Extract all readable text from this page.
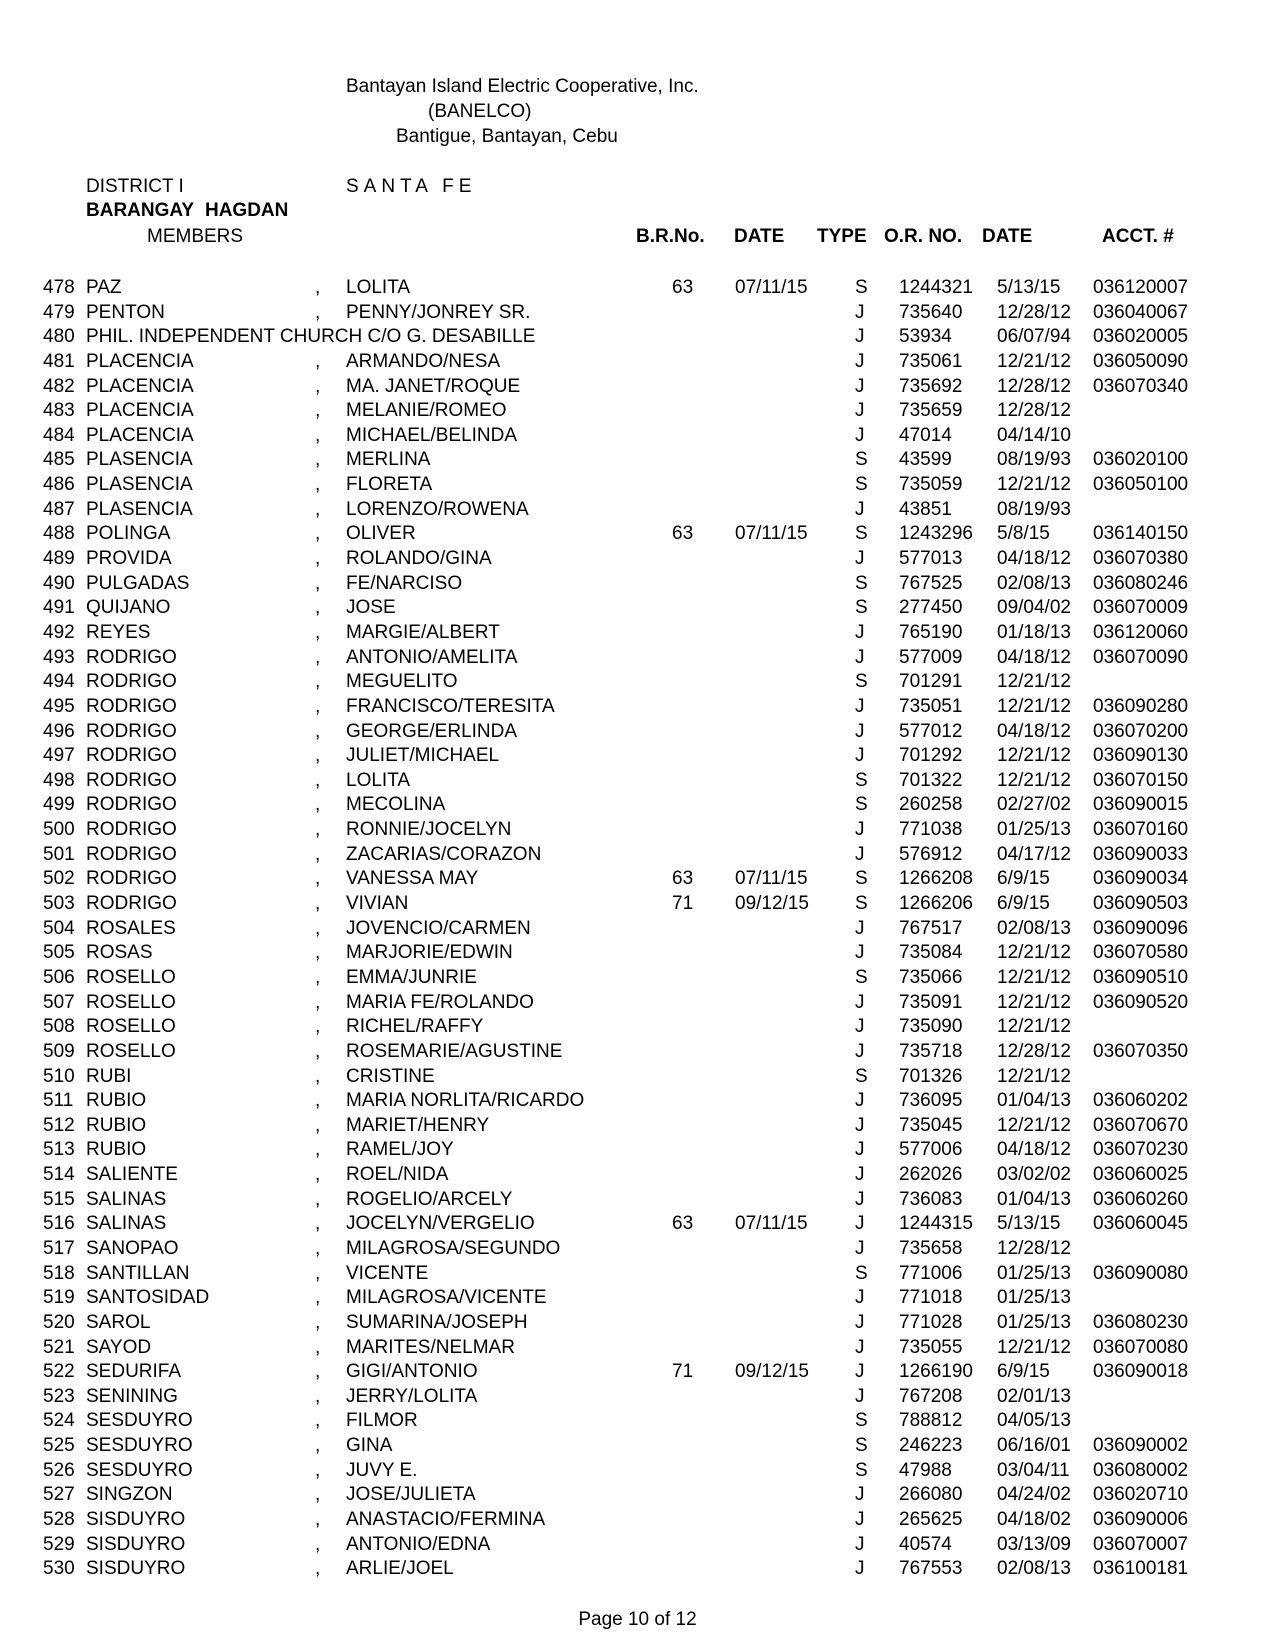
Bantayan Island Electric Cooperative, Inc.
(BANELCO)
Bantigue, Bantayan, Cebu
DISTRICT I	SANTA FE
BARANGAY HAGDAN
MEMBERS	B.R.No. DATE TYPE O.R. NO. DATE	ACCT. #
478 PAZ	, LOLITA	63 07/11/15 S 1244321 5/13/15 036120007
479 PENTON	, PENNY/JONREY SR.	J 735640 12/28/12 036040067
480 PHIL. INDEPENDENT CHURCH C/O G. DESABILLE	J 53934 06/07/94 036020005
481 PLACENCIA	, ARMANDO/NESA	J 735061 12/21/12 036050090
482 PLACENCIA	, MA. JANET/ROQUE	J 735692 12/28/12 036070340
483 PLACENCIA	, MELANIE/ROMEO	J 735659 12/28/12
484 PLACENCIA	, MICHAEL/BELINDA	J 47014 04/14/10
485 PLASENCIA	, MERLINA	S 43599 08/19/93 036020100
486 PLASENCIA	, FLORETA	S 735059 12/21/12 036050100
487 PLASENCIA	, LORENZO/ROWENA	J 43851 08/19/93
488 POLINGA	, OLIVER	63 07/11/15 S 1243296 5/8/15 036140150
489 PROVIDA	, ROLANDO/GINA	J 577013 04/18/12 036070380
490 PULGADAS	, FE/NARCISO	S 767525 02/08/13 036080246
491 QUIJANO	, JOSE	S 277450 09/04/02 036070009
492 REYES	, MARGIE/ALBERT	J 765190 01/18/13 036120060
493 RODRIGO	, ANTONIO/AMELITA	J 577009 04/18/12 036070090
494 RODRIGO	, MEGUELITO	S 701291 12/21/12
495 RODRIGO	, FRANCISCO/TERESITA	J 735051 12/21/12 036090280
496 RODRIGO	, GEORGE/ERLINDA	J 577012 04/18/12 036070200
497 RODRIGO	, JULIET/MICHAEL	J 701292 12/21/12 036090130
498 RODRIGO	, LOLITA	S 701322 12/21/12 036070150
499 RODRIGO	, MECOLINA	S 260258 02/27/02 036090015
500 RODRIGO	, RONNIE/JOCELYN	J 771038 01/25/13 036070160
501 RODRIGO	, ZACARIAS/CORAZON	J 576912 04/17/12 036090033
502 RODRIGO	, VANESSA MAY	63 07/11/15 S 1266208 6/9/15 036090034
503 RODRIGO	, VIVIAN	71 09/12/15 S 1266206 6/9/15 036090503
504 ROSALES	, JOVENCIO/CARMEN	J 767517 02/08/13 036090096
505 ROSAS	, MARJORIE/EDWIN	J 735084 12/21/12 036070580
506 ROSELLO	, EMMA/JUNRIE	S 735066 12/21/12 036090510
507 ROSELLO	, MARIA FE/ROLANDO	J 735091 12/21/12 036090520
508 ROSELLO	, RICHEL/RAFFY	J 735090 12/21/12
509 ROSELLO	, ROSEMARIE/AGUSTINE	J 735718 12/28/12 036070350
510 RUBI	, CRISTINE	S 701326 12/21/12
511 RUBIO	, MARIA NORLITA/RICARDO	J 736095 01/04/13 036060202
512 RUBIO	, MARIET/HENRY	J 735045 12/21/12 036070670
513 RUBIO	, RAMEL/JOY	J 577006 04/18/12 036070230
514 SALIENTE	, ROEL/NIDA	J 262026 03/02/02 036060025
515 SALINAS	, ROGELIO/ARCELY	J 736083 01/04/13 036060260
516 SALINAS	, JOCELYN/VERGELIO	63 07/11/15 J 1244315 5/13/15 036060045
517 SANOPAO	, MILAGROSA/SEGUNDO	J 735658 12/28/12
518 SANTILLAN	, VICENTE	S 771006 01/25/13 036090080
519 SANTOSIDAD	, MILAGROSA/VICENTE	J 771018 01/25/13
520 SAROL	, SUMARINA/JOSEPH	J 771028 01/25/13 036080230
521 SAYOD	, MARITES/NELMAR	J 735055 12/21/12 036070080
522 SEDURIFA	, GIGI/ANTONIO	71 09/12/15 J 1266190 6/9/15 036090018
523 SENINING	, JERRY/LOLITA	J 767208 02/01/13
524 SESDUYRO	, FILMOR	S 788812 04/05/13
525 SESDUYRO	, GINA	S 246223 06/16/01 036090002
526 SESDUYRO	, JUVY E.	S 47988 03/04/11 036080002
527 SINGZON	, JOSE/JULIETA	J 266080 04/24/02 036020710
528 SISDUYRO	, ANASTACIO/FERMINA	J 265625 04/18/02 036090006
529 SISDUYRO	, ANTONIO/EDNA	J 40574 03/13/09 036070007
530 SISDUYRO	, ARLIE/JOEL	J 767553 02/08/13 036100181
Page 10 of 12
